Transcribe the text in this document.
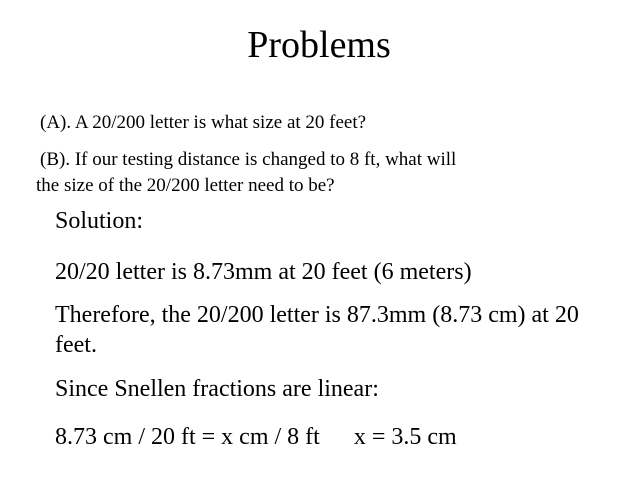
Problems
(A). A 20/200 letter is what size at 20 feet?
(B). If our testing distance is changed to 8 ft, what will
the size of the 20/200 letter need to be?
Solution:
20/20 letter is 8.73mm at 20 feet (6 meters)
Therefore, the 20/200 letter is 87.3mm (8.73 cm) at 20
feet.
Since Snellen fractions are linear:
8.73 cm / 20 ft = x cm / 8 ft x = 3.5 cm
